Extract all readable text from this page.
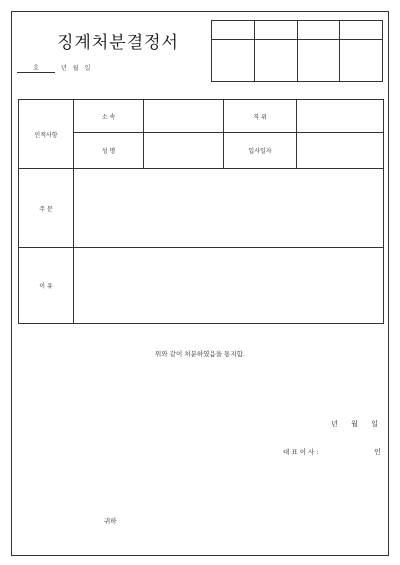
징계처분결정서
호	년 월 일

인적사항	소 속		직 위	
	성 명		입사일자	
주 문				
이 유				
위와 같이 처분하였음을 통지함.
년      월      일
대 표 이 사 :	인
귀하
